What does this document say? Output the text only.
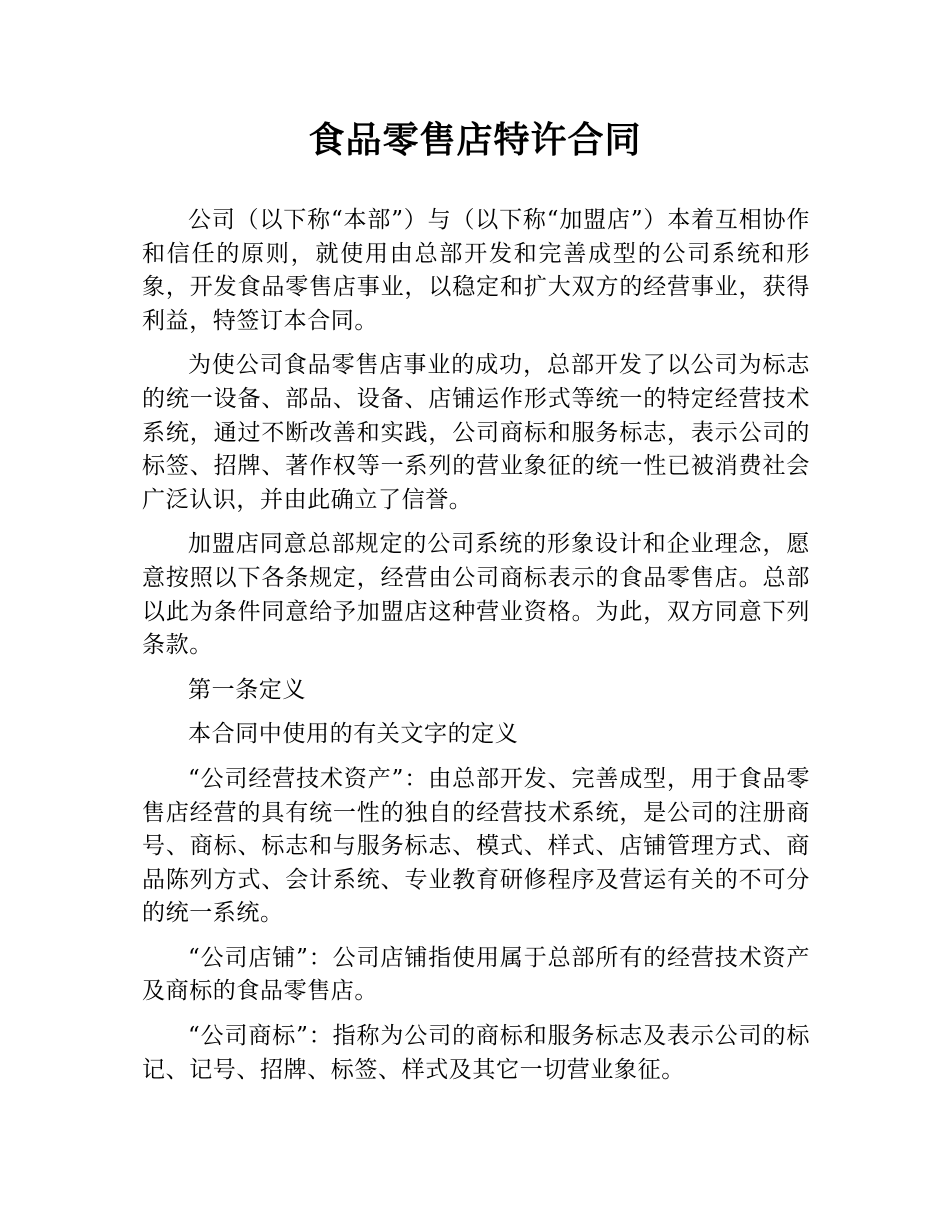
食品零售店特许合同

公司（以下称“本部”）与（以下称“加盟店”）本着互相协作和信任的原则，就使用由总部开发和完善成型的公司系统和形象，开发食品零售店事业，以稳定和扩大双方的经营事业，获得利益，特签订本合同。

为使公司食品零售店事业的成功，总部开发了以公司为标志的统一设备、部品、设备、店铺运作形式等统一的特定经营技术系统，通过不断改善和实践，公司商标和服务标志，表示公司的标签、招牌、著作权等一系列的营业象征的统一性已被消费社会广泛认识，并由此确立了信誉。

加盟店同意总部规定的公司系统的形象设计和企业理念，愿意按照以下各条规定，经营由公司商标表示的食品零售店。总部以此为条件同意给予加盟店这种营业资格。为此，双方同意下列条款。

第一条定义

本合同中使用的有关文字的定义

“公司经营技术资产”：由总部开发、完善成型，用于食品零售店经营的具有统一性的独自的经营技术系统，是公司的注册商号、商标、标志和与服务标志、模式、样式、店铺管理方式、商品陈列方式、会计系统、专业教育研修程序及营运有关的不可分的统一系统。

“公司店铺”：公司店铺指使用属于总部所有的经营技术资产及商标的食品零售店。

“公司商标”：指称为公司的商标和服务标志及表示公司的标记、记号、招牌、标签、样式及其它一切营业象征。
